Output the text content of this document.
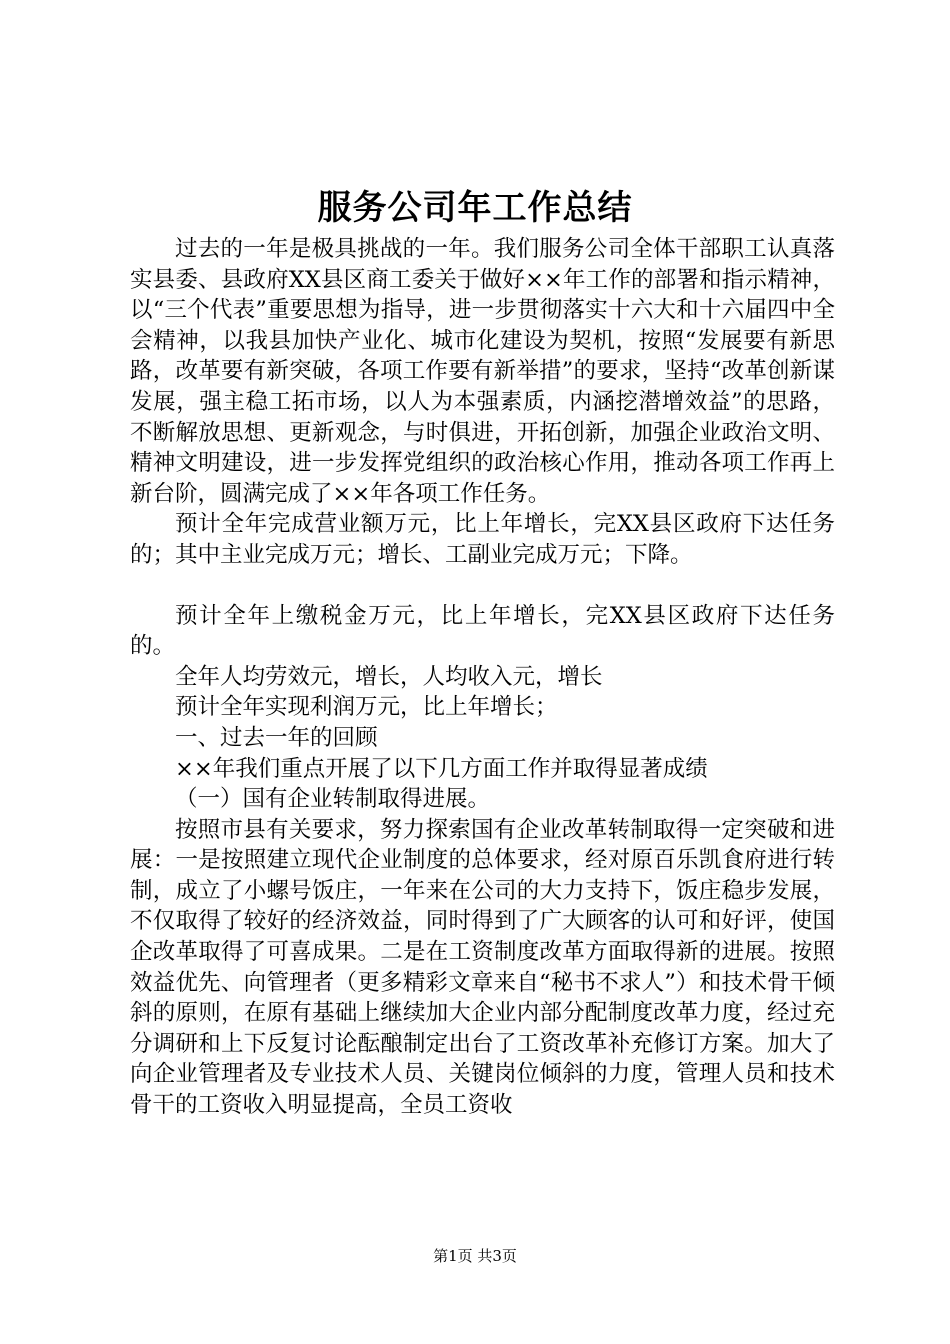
服务公司年工作总结

过去的一年是极具挑战的一年。我们服务公司全体干部职工认真落实县委、县政府XX县区商工委关于做好××年工作的部署和指示精神，以“三个代表”重要思想为指导，进一步贯彻落实十六大和十六届四中全会精神，以我县加快产业化、城市化建设为契机，按照“发展要有新思路，改革要有新突破，各项工作要有新举措”的要求，坚持“改革创新谋发展，强主稳工拓市场，以人为本强素质，内涵挖潜增效益”的思路，不断解放思想、更新观念，与时俱进，开拓创新，加强企业政治文明、精神文明建设，进一步发挥党组织的政治核心作用，推动各项工作再上新台阶，圆满完成了××年各项工作任务。

预计全年完成营业额万元，比上年增长，完XX县区政府下达任务的；其中主业完成万元；增长、工副业完成万元；下降。

预计全年上缴税金万元，比上年增长，完XX县区政府下达任务的。

全年人均劳效元，增长，人均收入元，增长

预计全年实现利润万元，比上年增长；

一、过去一年的回顾

××年我们重点开展了以下几方面工作并取得显著成绩

（一）国有企业转制取得进展。

按照市县有关要求，努力探索国有企业改革转制取得一定突破和进展：一是按照建立现代企业制度的总体要求，经对原百乐凯食府进行转制，成立了小螺号饭庄，一年来在公司的大力支持下，饭庄稳步发展，不仅取得了较好的经济效益，同时得到了广大顾客的认可和好评，使国企改革取得了可喜成果。二是在工资制度改革方面取得新的进展。按照效益优先、向管理者（更多精彩文章来自“秘书不求人”）和技术骨干倾斜的原则，在原有基础上继续加大企业内部分配制度改革力度，经过充分调研和上下反复讨论酝酿制定出台了工资改革补充修订方案。加大了向企业管理者及专业技术人员、关键岗位倾斜的力度，管理人员和技术骨干的工资收入明显提高，全员工资收

第1页 共3页
